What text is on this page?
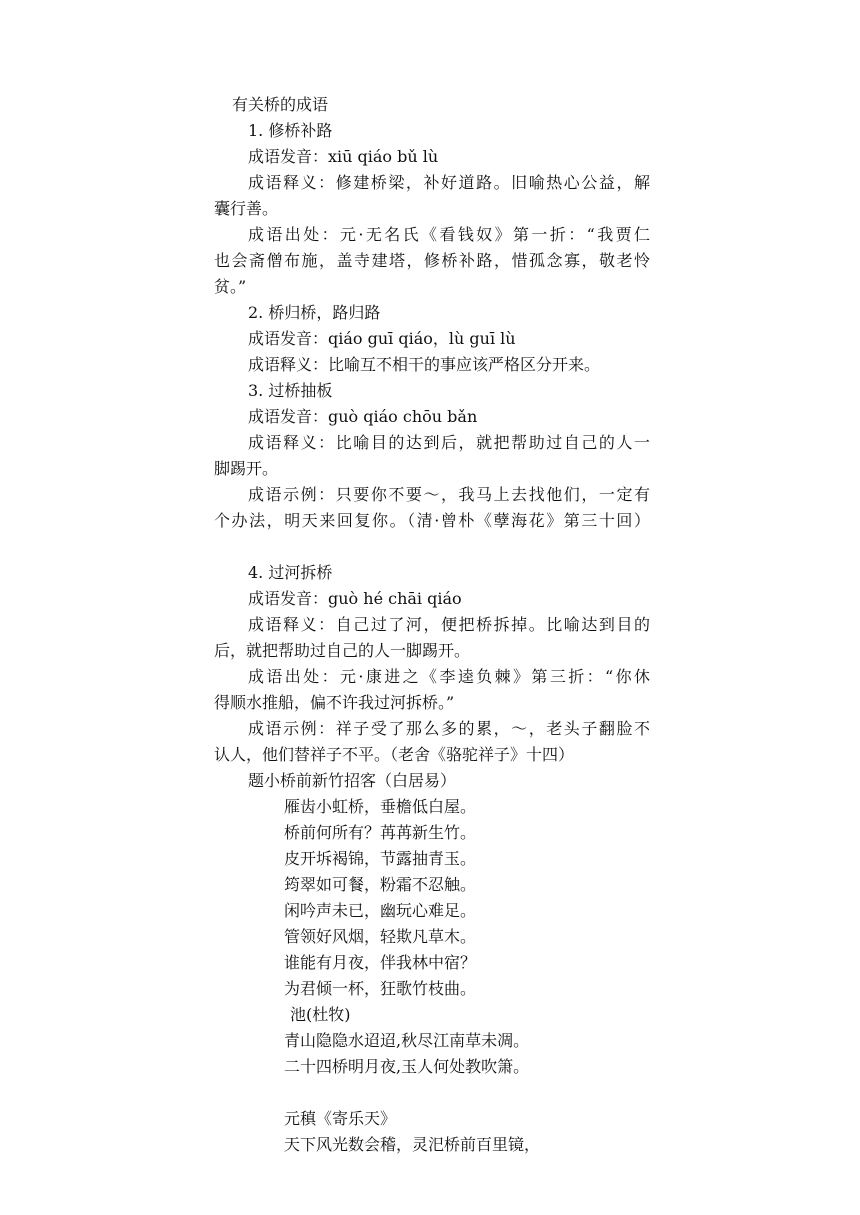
有关桥的成语
1. 修桥补路
成语发音：xiū qiáo bǔ lù
成语释义：修建桥梁，补好道路。旧喻热心公益，解
囊行善。
成语出处：元·无名氏《看钱奴》第一折：“我贾仁
也会斋僧布施，盖寺建塔，修桥补路，惜孤念寡，敬老怜
贫。”
2. 桥归桥，路归路
成语发音：qiáo guī qiáo，lù guī lù
成语释义：比喻互不相干的事应该严格区分开来。
3. 过桥抽板
成语发音：guò qiáo chōu bǎn
成语释义：比喻目的达到后，就把帮助过自己的人一
脚踢开。
成语示例：只要你不要～，我马上去找他们，一定有
个办法，明天来回复你。（清·曾朴《孽海花》第三十回）
4. 过河拆桥
成语发音：guò hé chāi qiáo
成语释义：自己过了河，便把桥拆掉。比喻达到目的
后，就把帮助过自己的人一脚踢开。
成语出处：元·康进之《李逵负棘》第三折：“你休
得顺水推船，偏不许我过河拆桥。”
成语示例：祥子受了那么多的累，～，老头子翻脸不
认人，他们替祥子不平。（老舍《骆驼祥子》十四）
题小桥前新竹招客（白居易）
雁齿小虹桥，垂檐低白屋。
桥前何所有？苒苒新生竹。
皮开坼褐锦，节露抽青玉。
筠翠如可餐，粉霜不忍触。
闲吟声未已，幽玩心难足。
管领好风烟，轻欺凡草木。
谁能有月夜，伴我林中宿？
为君倾一杯，狂歌竹枝曲。
池(杜牧)
青山隐隐水迢迢,秋尽江南草未凋。
二十四桥明月夜,玉人何处教吹箫。
元稹《寄乐天》
天下风光数会稽，灵汜桥前百里镜，
